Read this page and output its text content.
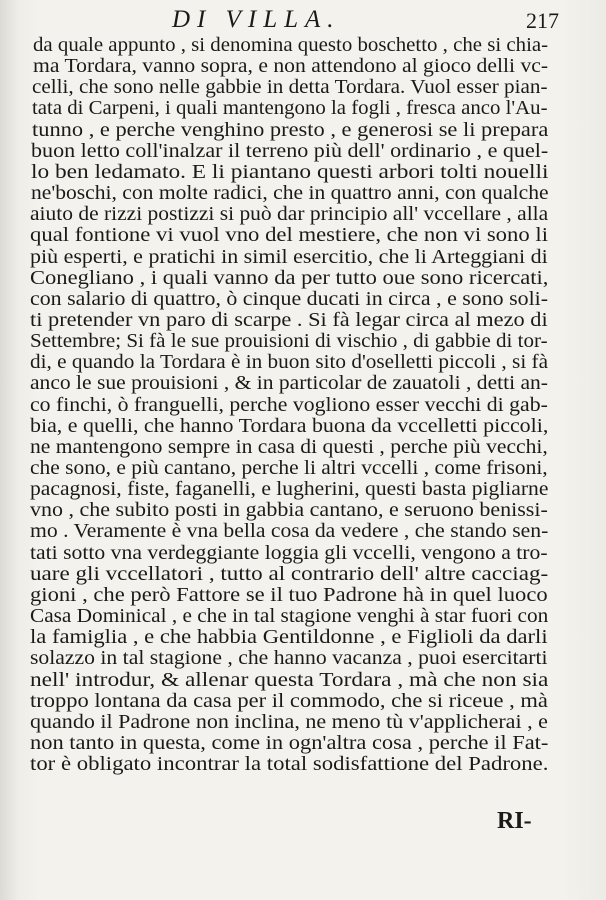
DI VILLA.	217
da quale appunto , si denomina questo boschetto , che si chia-
ma Tordara, vanno sopra, e non attendono al gioco delli vc-
celli, che sono nelle gabbie in detta Tordara. Vuol esser pian-
tata di Carpeni, i quali mantengono la fogli , fresca anco l'Au-
tunno , e perche venghino presto , e generosi se li prepara
buon letto coll'inalzar il terreno più dell' ordinario , e quel-
lo ben ledamato. E li piantano questi arbori tolti nouelli
ne'boschi, con molte radici, che in quattro anni, con qualche
aiuto de rizzi postizzi si può dar principio all' vccellare , alla
qual fontione vi vuol vno del mestiere, che non vi sono li
più esperti, e pratichi in simil esercitio, che li Arteggiani di
Conegliano , i quali vanno da per tutto oue sono ricercati,
con salario di quattro, ò cinque ducati in circa , e sono soli-
ti pretender vn paro di scarpe . Si fà legar circa al mezo di
Settembre; Si fà le sue prouisioni di vischio , di gabbie di tor-
di, e quando la Tordara è in buon sito d'oselletti piccoli , si fà
anco le sue prouisioni , & in particolar de zauatoli , detti an-
co finchi, ò franguelli, perche vogliono esser vecchi di gab-
bia, e quelli, che hanno Tordara buona da vccelletti piccoli,
ne mantengono sempre in casa di questi , perche più vecchi,
che sono, e più cantano, perche li altri vccelli , come frisoni,
pacagnosi, fiste, faganelli, e lugherini, questi basta pigliarne
vno , che subito posti in gabbia cantano, e seruono benissi-
mo . Veramente è vna bella cosa da vedere , che stando sen-
tati sotto vna verdeggiante loggia gli vccelli, vengono a tro-
uare gli vccellatori , tutto al contrario dell' altre cacciag-
gioni , che però Fattore se il tuo Padrone hà in quel luoco
Casa Dominical , e che in tal stagione venghi à star fuori con
la famiglia , e che habbia Gentildonne , e Figlioli da darli
solazzo in tal stagione , che hanno vacanza , puoi esercitarti
nell' introdur, & allenar questa Tordara , mà che non sia
troppo lontana da casa per il commodo, che si riceue , mà
quando il Padrone non inclina, ne meno tù v'applicherai , e
non tanto in questa, come in ogn'altra cosa , perche il Fat-
tor è obligato incontrar la total sodisfattione del Padrone.
RI-
